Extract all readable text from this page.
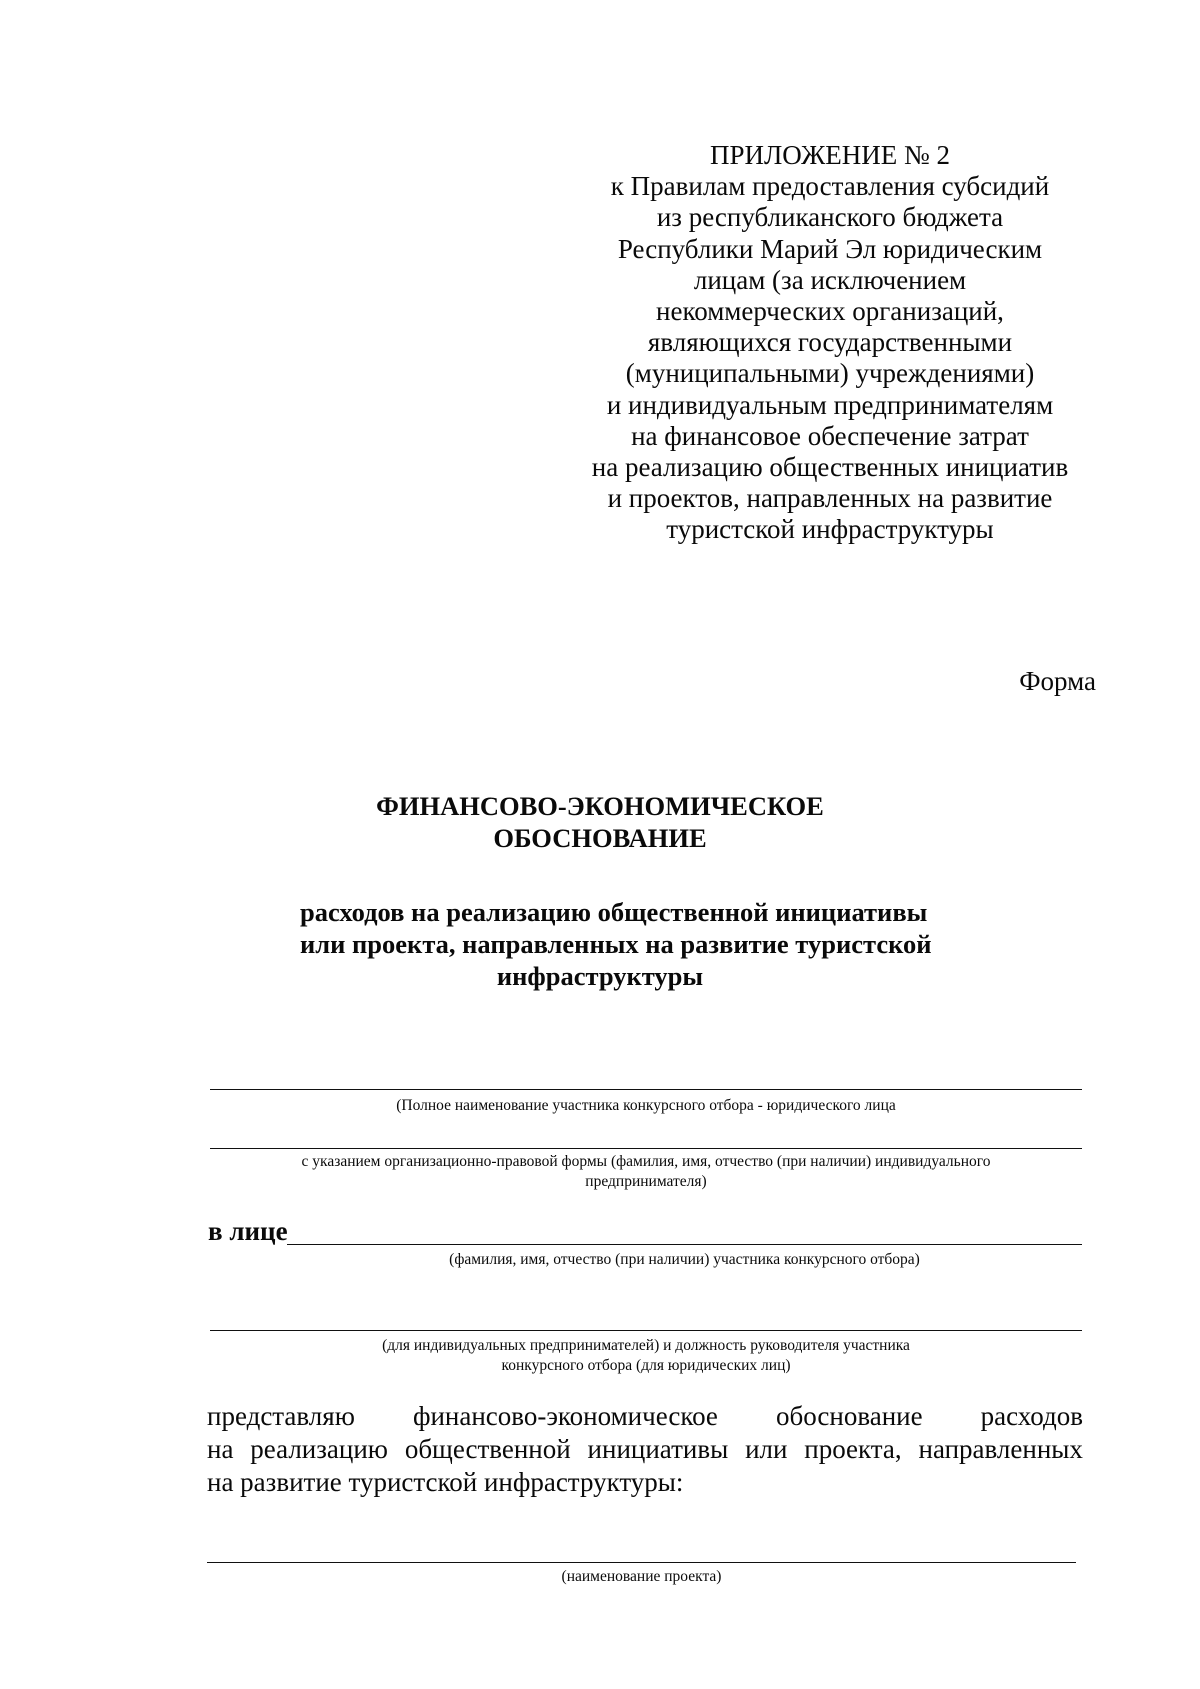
ПРИЛОЖЕНИЕ № 2
к Правилам предоставления субсидий
из республиканского бюджета
Республики Марий Эл юридическим
лицам (за исключением
некоммерческих организаций,
являющихся государственными
(муниципальными) учреждениями)
и индивидуальным предпринимателям
на финансовое обеспечение затрат
на реализацию общественных инициатив
и проектов, направленных на развитие
туристской инфраструктуры
Форма
ФИНАНСОВО-ЭКОНОМИЧЕСКОЕ
ОБОСНОВАНИЕ
расходов на реализацию общественной инициативы
или проекта, направленных на развитие туристской
инфраструктуры
(Полное наименование участника конкурсного отбора - юридического лица
с указанием организационно-правовой формы (фамилия, имя, отчество (при наличии) индивидуального
предпринимателя)
в лице
(фамилия, имя, отчество (при наличии) участника конкурсного отбора)
(для индивидуальных предпринимателей) и должность руководителя участника
конкурсного отбора (для юридических лиц)
представляю финансово-экономическое обоснование расходов
на реализацию общественной инициативы или проекта, направленных
на развитие туристской инфраструктуры:
(наименование проекта)
